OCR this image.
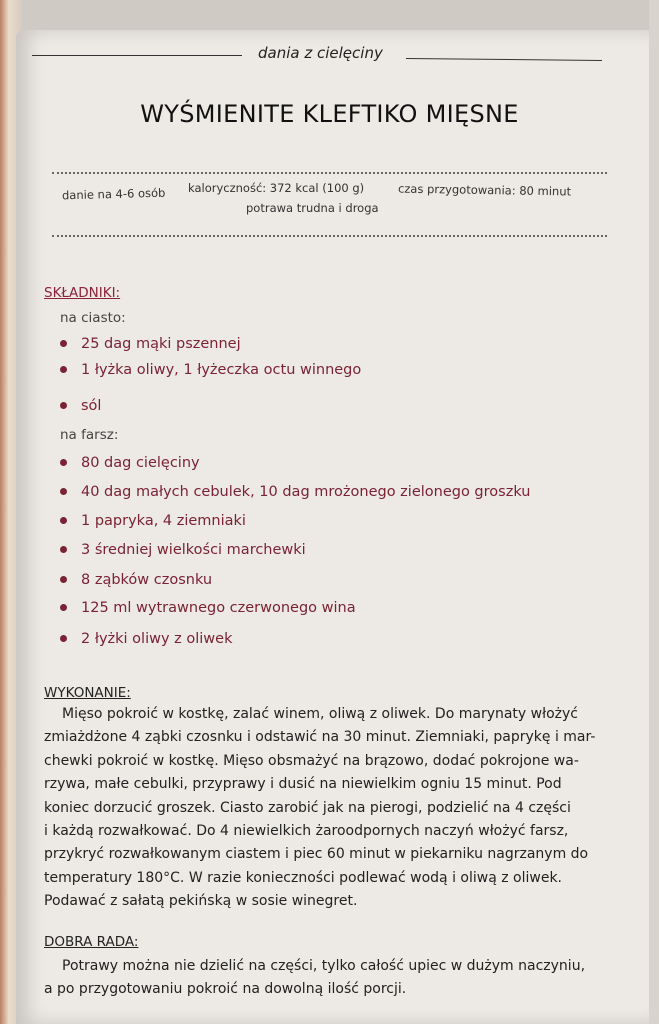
dania z cielęciny
WYŚMIENITE KLEFTIKO MIĘSNE
danie na 4-6 osób kaloryczność: 372 kcal (100 g)	czas przygotowania: 80 minut
potrawa trudna i droga
SKŁADNIKI:
na ciasto:
25 dag mąki pszennej
1 łyżka oliwy, 1 łyżeczka octu winnego
sól
na farsz:
80 dag cielęciny
40 dag małych cebulek, 10 dag mrożonego zielonego groszku
1 papryka, 4 ziemniaki
3 średniej wielkości marchewki
8 ząbków czosnku
125 ml wytrawnego czerwonego wina
2 łyżki oliwy z oliwek
WYKONANIE:
Mięso pokroić w kostkę, zalać winem, oliwą z oliwek. Do marynaty włożyć
zmiażdżone 4 ząbki czosnku i odstawić na 30 minut. Ziemniaki, paprykę i mar-
chewki pokroić w kostkę. Mięso obsmażyć na brązowo, dodać pokrojone wa-
rzywa, małe cebulki, przyprawy i dusić na niewielkim ogniu 15 minut. Pod
koniec dorzucić groszek. Ciasto zarobić jak na pierogi, podzielić na 4 części
i każdą rozwałkować. Do 4 niewielkich żaroodpornych naczyń włożyć farsz,
przykryć rozwałkowanym ciastem i piec 60 minut w piekarniku nagrzanym do
temperatury 180°C. W razie konieczności podlewać wodą i oliwą z oliwek.
Podawać z sałatą pekińską w sosie winegret.
DOBRA RADA:
Potrawy można nie dzielić na części, tylko całość upiec w dużym naczyniu,
a po przygotowaniu pokroić na dowolną ilość porcji.
